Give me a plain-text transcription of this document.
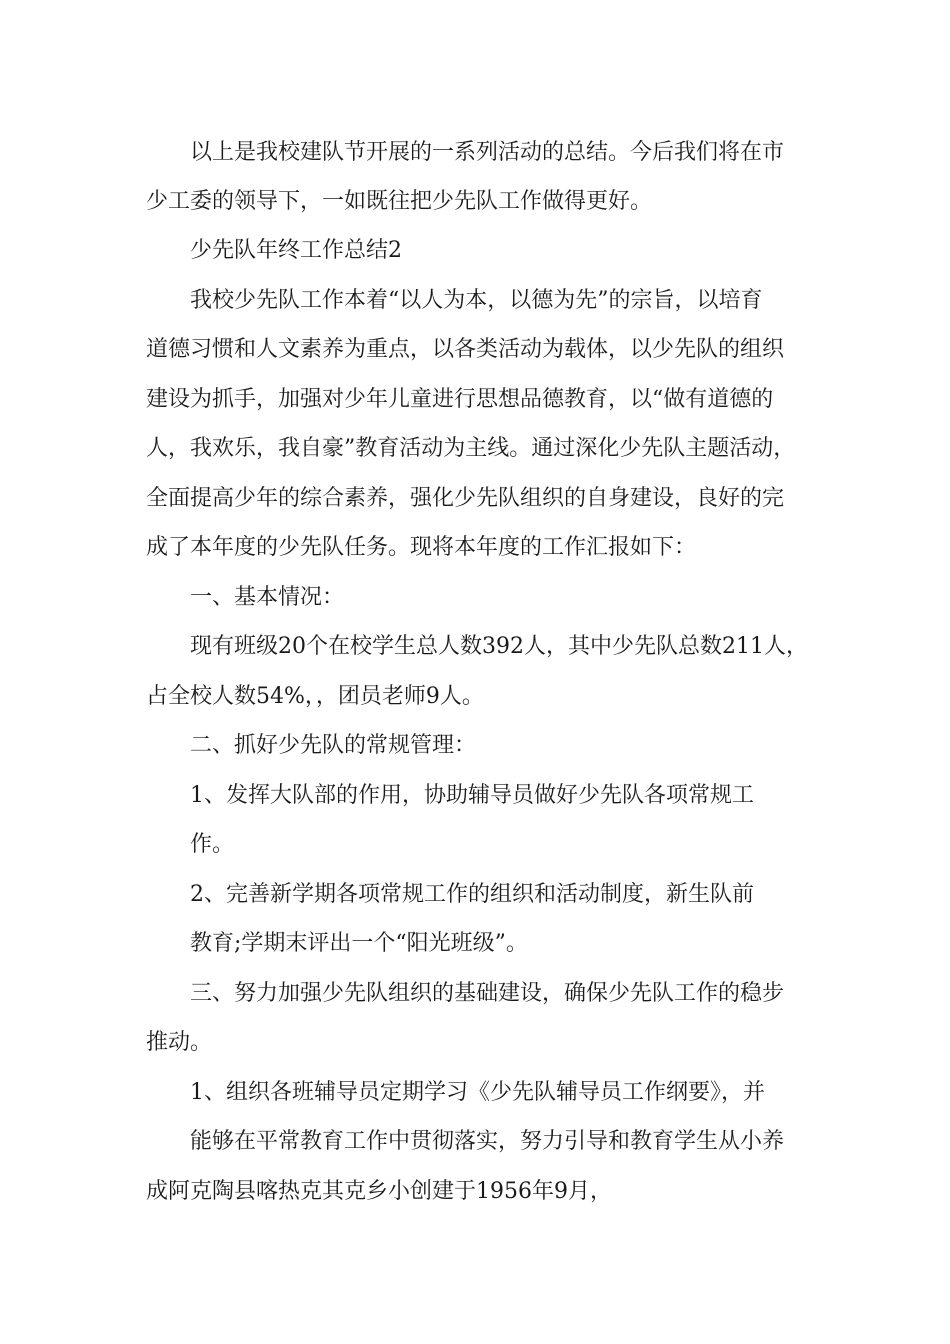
以上是我校建队节开展的一系列活动的总结。今后我们将在市
少工委的领导下，一如既往把少先队工作做得更好。
少先队年终工作总结2
我校少先队工作本着“以人为本，以德为先”的宗旨，以培育
道德习惯和人文素养为重点，以各类活动为载体，以少先队的组织
建设为抓手，加强对少年儿童进行思想品德教育，以“做有道德的
人，我欢乐，我自豪”教育活动为主线。通过深化少先队主题活动，
全面提高少年的综合素养，强化少先队组织的自身建设，良好的完
成了本年度的少先队任务。现将本年度的工作汇报如下：
一、基本情况：
现有班级20个在校学生总人数392人，其中少先队总数211人，
占全校人数54%，，团员老师9人。
二、抓好少先队的常规管理：
1、发挥大队部的作用，协助辅导员做好少先队各项常规工
作。
2、完善新学期各项常规工作的组织和活动制度，新生队前
教育;学期末评出一个“阳光班级”。
三、努力加强少先队组织的基础建设，确保少先队工作的稳步
推动。
1、组织各班辅导员定期学习《少先队辅导员工作纲要》，并
能够在平常教育工作中贯彻落实，努力引导和教育学生从小养
成阿克陶县喀热克其克乡小创建于1956年9月，
